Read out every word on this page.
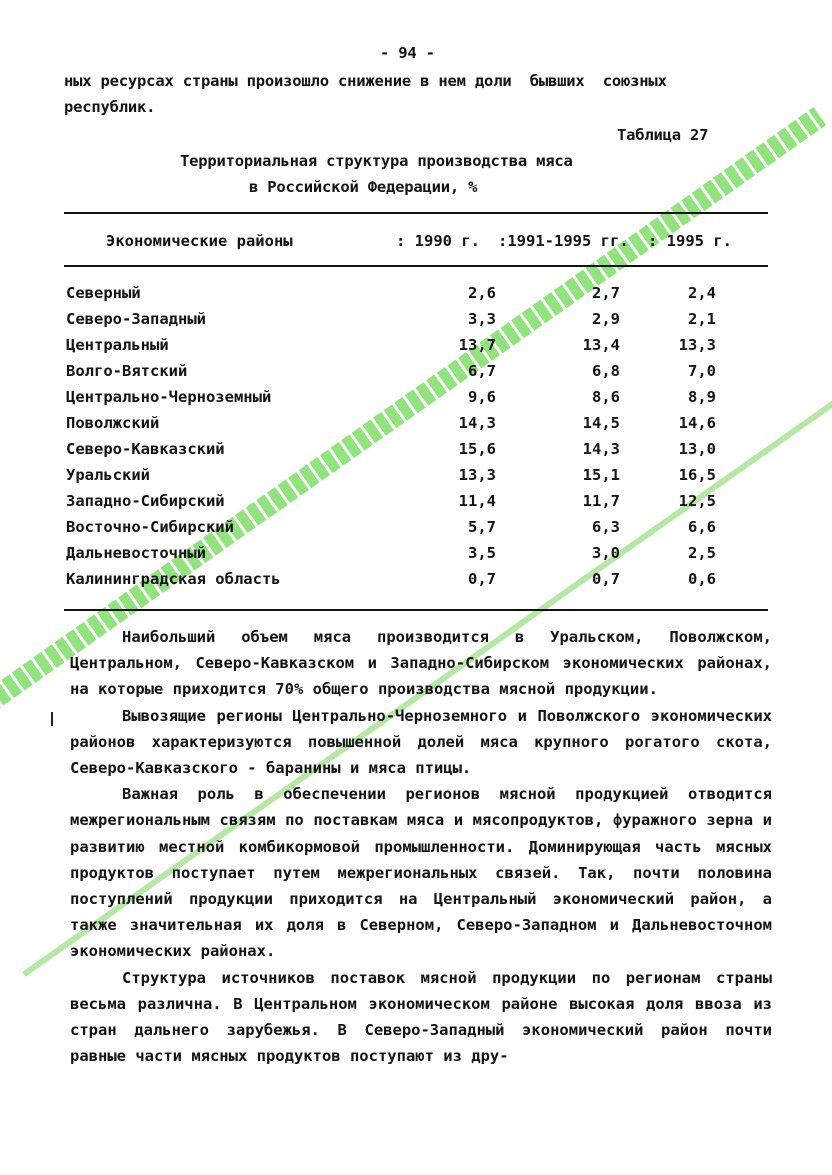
- 94 -
ных ресурсах страны произошло снижение в нем доли  бывших  союзных
республик.
Таблица 27
Территориальная структура производства мяса
в Российской Федерации, %
Экономические районы	: 1990 г. :1991-1995 гг. : 1995 г.
Северный	2,6	2,7	2,4
Северо-Западный	3,3	2,9	2,1
Центральный	13,7	13,4	13,3
Волго-Вятский	6,7	6,8	7,0
Центрально-Черноземный	9,6	8,6	8,9
Поволжский	14,3	14,5	14,6
Северо-Кавказский	15,6	14,3	13,0
Уральский	13,3	15,1	16,5
Западно-Сибирский	11,4	11,7	12,5
Восточно-Сибирский	5,7	6,3	6,6
Дальневосточный	3,5	3,0	2,5
Калининградская область	0,7	0,7	0,6

Наибольший объем мяса производится в Уральском, Поволжском, Центральном, Северо-Кавказском и Западно-Сибирском экономических районах, на которые приходится 70% общего производства мясной продукции.

Вывозящие регионы Центрально-Черноземного и Поволжского экономических районов характеризуются повышенной долей мяса крупного рогатого скота, Северо-Кавказского - баранины и мяса птицы.

Важная роль в обеспечении регионов мясной продукцией отводится межрегиональным связям по поставкам мяса и мясопродуктов, фуражного зерна и развитию местной комбикормовой промышленности. Доминирующая часть мясных продуктов поступает путем межрегиональных связей. Так, почти половина поступлений продукции приходится на Центральный экономический район, а также значительная их доля в Северном, Северо-Западном и Дальневосточном экономических районах.

Структура источников поставок мясной продукции по регионам страны весьма различна. В Центральном экономическом районе высокая доля ввоза из стран дальнего зарубежья. В Северо-Западный экономический район почти равные части мясных продуктов поступают из дру-
